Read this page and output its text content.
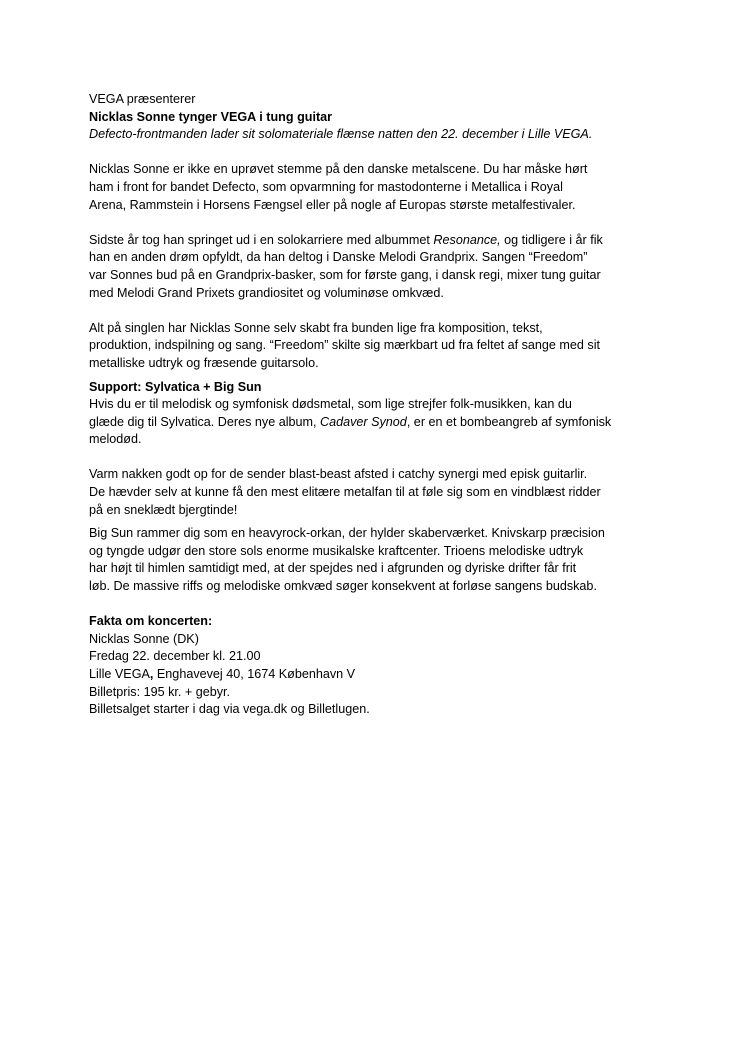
VEGA præsenterer
Nicklas Sonne tynger VEGA i tung guitar
Defecto-frontmanden lader sit solomateriale flænse natten den 22. december i Lille VEGA.
Nicklas Sonne er ikke en uprøvet stemme på den danske metalscene. Du har måske hørt
ham i front for bandet Defecto, som opvarmning for mastodonterne i Metallica i Royal
Arena, Rammstein i Horsens Fængsel eller på nogle af Europas største metalfestivaler.
Sidste år tog han springet ud i en solokarriere med albummet Resonance, og tidligere i år fik
han en anden drøm opfyldt, da han deltog i Danske Melodi Grandprix. Sangen “Freedom”
var Sonnes bud på en Grandprix-basker, som for første gang, i dansk regi, mixer tung guitar
med Melodi Grand Prixets grandiositet og voluminøse omkvæd.
Alt på singlen har Nicklas Sonne selv skabt fra bunden lige fra komposition, tekst,
produktion, indspilning og sang. “Freedom” skilte sig mærkbart ud fra feltet af sange med sit
metalliske udtryk og fræsende guitarsolo.
Support: Sylvatica + Big Sun
Hvis du er til melodisk og symfonisk dødsmetal, som lige strejfer folk-musikken, kan du
glæde dig til Sylvatica. Deres nye album, Cadaver Synod, er en et bombeangreb af symfonisk
melodød.
Varm nakken godt op for de sender blast-beast afsted i catchy synergi med episk guitarlir.
De hævder selv at kunne få den mest elitære metalfan til at føle sig som en vindblæst ridder
på en sneklædt bjergtinde!
Big Sun rammer dig som en heavyrock-orkan, der hylder skaberværket. Knivskarp præcision
og tyngde udgør den store sols enorme musikalske kraftcenter. Trioens melodiske udtryk
har højt til himlen samtidigt med, at der spejdes ned i afgrunden og dyriske drifter får frit
løb. De massive riffs og melodiske omkvæd søger konsekvent at forløse sangens budskab.
Fakta om koncerten:
Nicklas Sonne (DK)
Fredag 22. december kl. 21.00
Lille VEGA, Enghavevej 40, 1674 København V
Billetpris: 195 kr. + gebyr.
Billetsalget starter i dag via vega.dk og Billetlugen.
